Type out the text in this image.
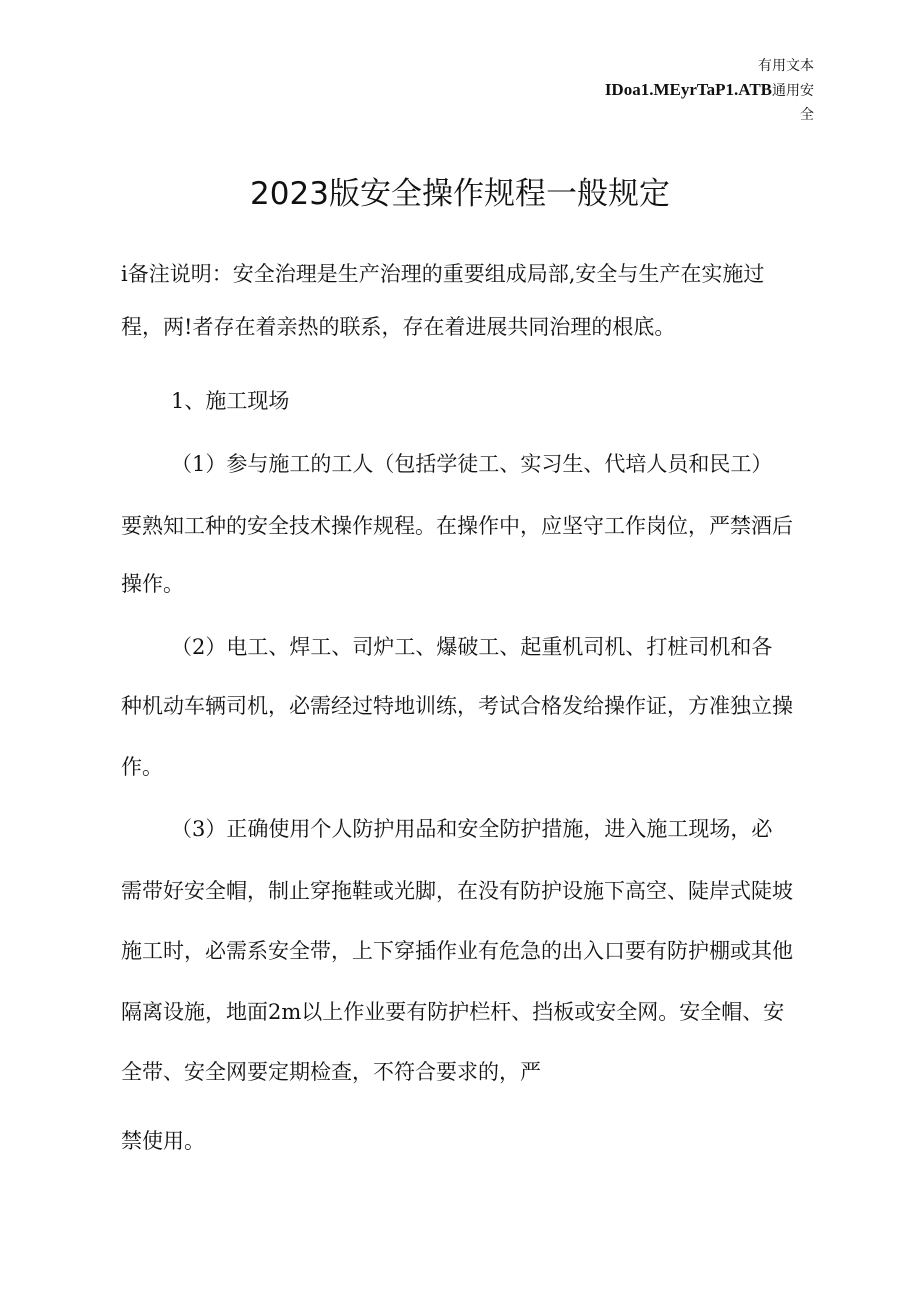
有用文本
IDoa1.MEyrTaP1.ATB通用安
全
2023版安全操作规程一般规定
i备注说明：安全治理是生产治理的重要组成局部,安全与生产在实施过
程，两!者存在着亲热的联系，存在着进展共同治理的根底。
1、施工现场
（1）参与施工的工人（包括学徒工、实习生、代培人员和民工）
要熟知工种的安全技术操作规程。在操作中，应坚守工作岗位，严禁酒后
操作。
（2）电工、焊工、司炉工、爆破工、起重机司机、打桩司机和各
种机动车辆司机，必需经过特地训练，考试合格发给操作证，方准独立操
作。
（3）正确使用个人防护用品和安全防护措施，进入施工现场，必
需带好安全帽，制止穿拖鞋或光脚，在没有防护设施下高空、陡岸式陡坡
施工时，必需系安全带，上下穿插作业有危急的出入口要有防护棚或其他
隔离设施，地面2m以上作业要有防护栏杆、挡板或安全网。安全帽、安
全带、安全网要定期检查，不符合要求的，严
禁使用。
